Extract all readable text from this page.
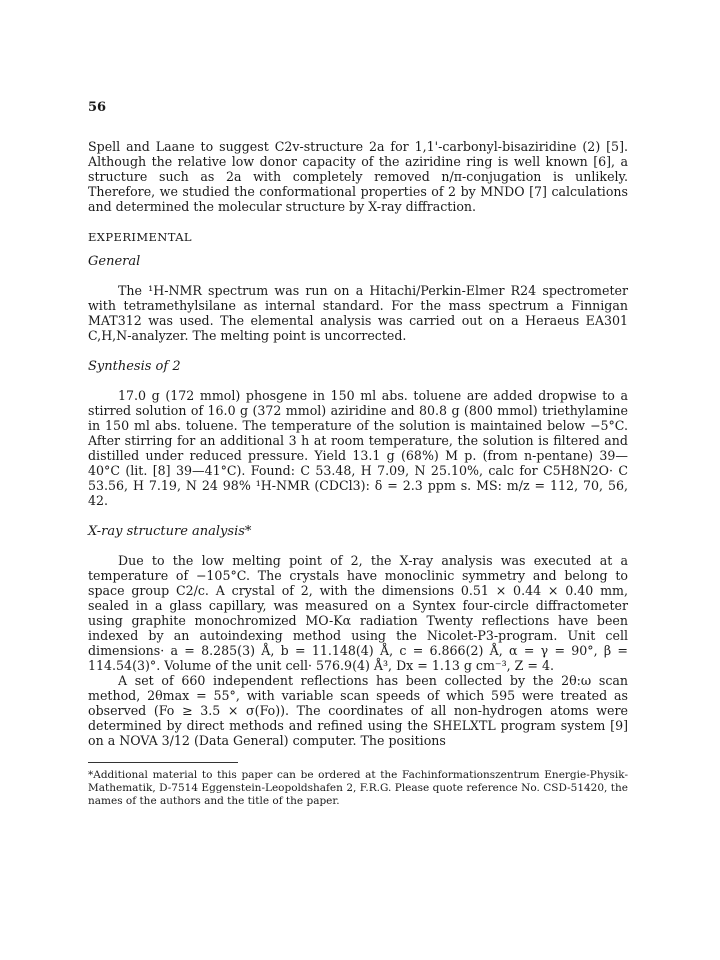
56

Spell and Laane to suggest C2v-structure 2a for 1,1'-carbonyl-bisaziridine (2) [5]. Although the relative low donor capacity of the aziridine ring is well known [6], a structure such as 2a with completely removed n/π-conjugation is unlikely. Therefore, we studied the conformational properties of 2 by MNDO [7] calculations and determined the molecular structure by X-ray diffraction.

EXPERIMENTAL

General

The ¹H-NMR spectrum was run on a Hitachi/Perkin-Elmer R24 spectrometer with tetramethylsilane as internal standard. For the mass spectrum a Finnigan MAT312 was used. The elemental analysis was carried out on a Heraeus EA301 C,H,N-analyzer. The melting point is uncorrected.

Synthesis of 2

17.0 g (172 mmol) phosgene in 150 ml abs. toluene are added dropwise to a stirred solution of 16.0 g (372 mmol) aziridine and 80.8 g (800 mmol) triethylamine in 150 ml abs. toluene. The temperature of the solution is maintained below −5°C. After stirring for an additional 3 h at room temperature, the solution is filtered and distilled under reduced pressure. Yield 13.1 g (68%) M p. (from n-pentane) 39—40°C (lit. [8] 39—41°C). Found: C 53.48, H 7.09, N 25.10%, calc for C5H8N2O· C 53.56, H 7.19, N 24 98% ¹H-NMR (CDCl3): δ = 2.3 ppm s. MS: m/z = 112, 70, 56, 42.

X-ray structure analysis*

Due to the low melting point of 2, the X-ray analysis was executed at a temperature of −105°C. The crystals have monoclinic symmetry and belong to space group C2/c. A crystal of 2, with the dimensions 0.51 × 0.44 × 0.40 mm, sealed in a glass capillary, was measured on a Syntex four-circle diffractometer using graphite monochromized MO-Kα radiation Twenty reflections have been indexed by an autoindexing method using the Nicolet-P3-program. Unit cell dimensions· a = 8.285(3) Å, b = 11.148(4) Å, c = 6.866(2) Å, α = γ = 90°, β = 114.54(3)°. Volume of the unit cell· 576.9(4) Å³, Dx = 1.13 g cm⁻³, Z = 4.

A set of 660 independent reflections has been collected by the 2θ:ω scan method, 2θmax = 55°, with variable scan speeds of which 595 were treated as observed (Fo ≥ 3.5 × σ(Fo)). The coordinates of all non-hydrogen atoms were determined by direct methods and refined using the SHELXTL program system [9] on a NOVA 3/12 (Data General) computer. The positions

*Additional material to this paper can be ordered at the Fachinformationszentrum Energie-Physik-Mathematik, D-7514 Eggenstein-Leopoldshafen 2, F.R.G. Please quote reference No. CSD-51420, the names of the authors and the title of the paper.
